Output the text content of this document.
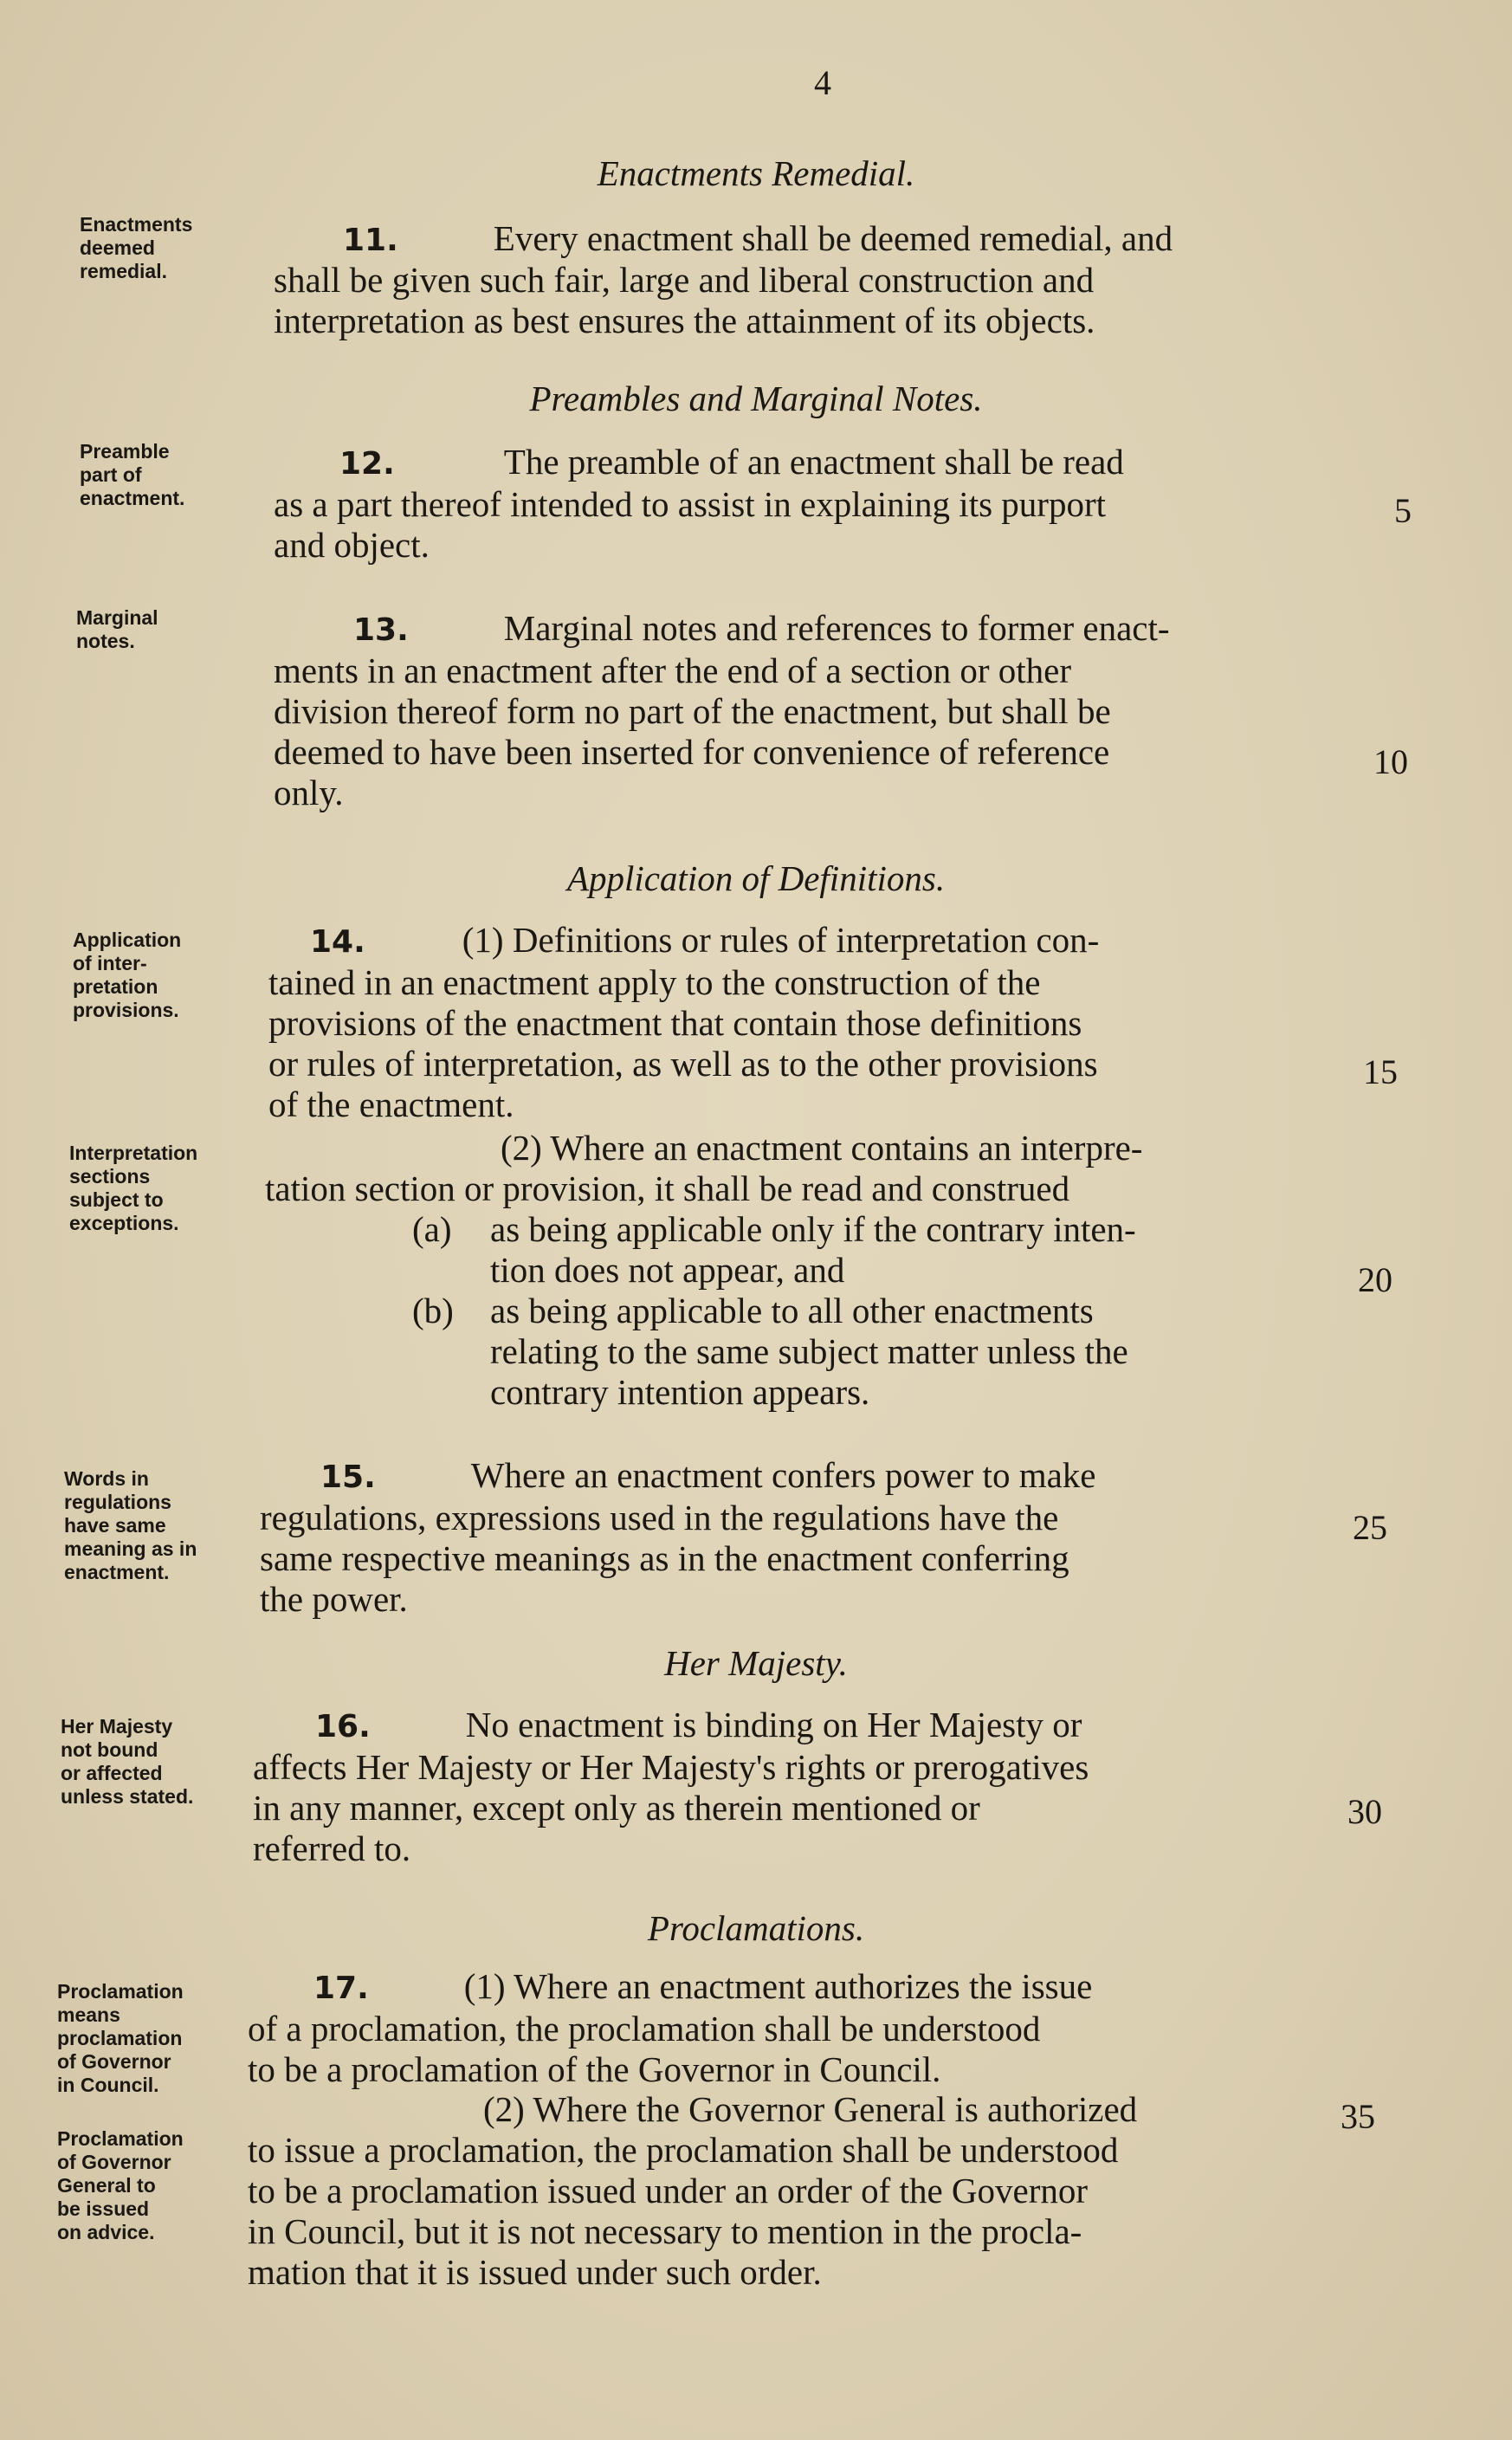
4
Enactments Remedial.
Preambles and Marginal Notes.
Application of Definitions.
Her Majesty.
Proclamations.
Enactments
deemed
remedial.
Preamble
part of
enactment.
Marginal
notes.
Application
of inter-
pretation
provisions.
Interpretation
sections
subject to
exceptions.
Words in
regulations
have same
meaning as in
enactment.
Her Majesty
not bound
or affected
unless stated.
Proclamation
means
proclamation
of Governor
in Council.
Proclamation
of Governor
General to
be issued
on advice.
11.	Every enactment shall be deemed remedial, and
shall be given such fair, large and liberal construction and
interpretation as best ensures the attainment of its objects.
12.	The preamble of an enactment shall be read
as a part thereof intended to assist in explaining its purport
and object.
13.	Marginal notes and references to former enact-
ments in an enactment after the end of a section or other
division thereof form no part of the enactment, but shall be
deemed to have been inserted for convenience of reference
only.
14.	(1) Definitions or rules of interpretation con-
tained in an enactment apply to the construction of the
provisions of the enactment that contain those definitions
or rules of interpretation, as well as to the other provisions
of the enactment.
(2) Where an enactment contains an interpre-
tation section or provision, it shall be read and construed
(a) as being applicable only if the contrary inten-
tion does not appear, and
(b) as being applicable to all other enactments
relating to the same subject matter unless the
contrary intention appears.
15.	Where an enactment confers power to make
regulations, expressions used in the regulations have the
same respective meanings as in the enactment conferring
the power.
16.	No enactment is binding on Her Majesty or
affects Her Majesty or Her Majesty's rights or prerogatives
in any manner, except only as therein mentioned or
referred to.
17.	(1) Where an enactment authorizes the issue
of a proclamation, the proclamation shall be understood
to be a proclamation of the Governor in Council.
(2) Where the Governor General is authorized
to issue a proclamation, the proclamation shall be understood
to be a proclamation issued under an order of the Governor
in Council, but it is not necessary to mention in the procla-
mation that it is issued under such order.
5
10
15
20
25
30
35
